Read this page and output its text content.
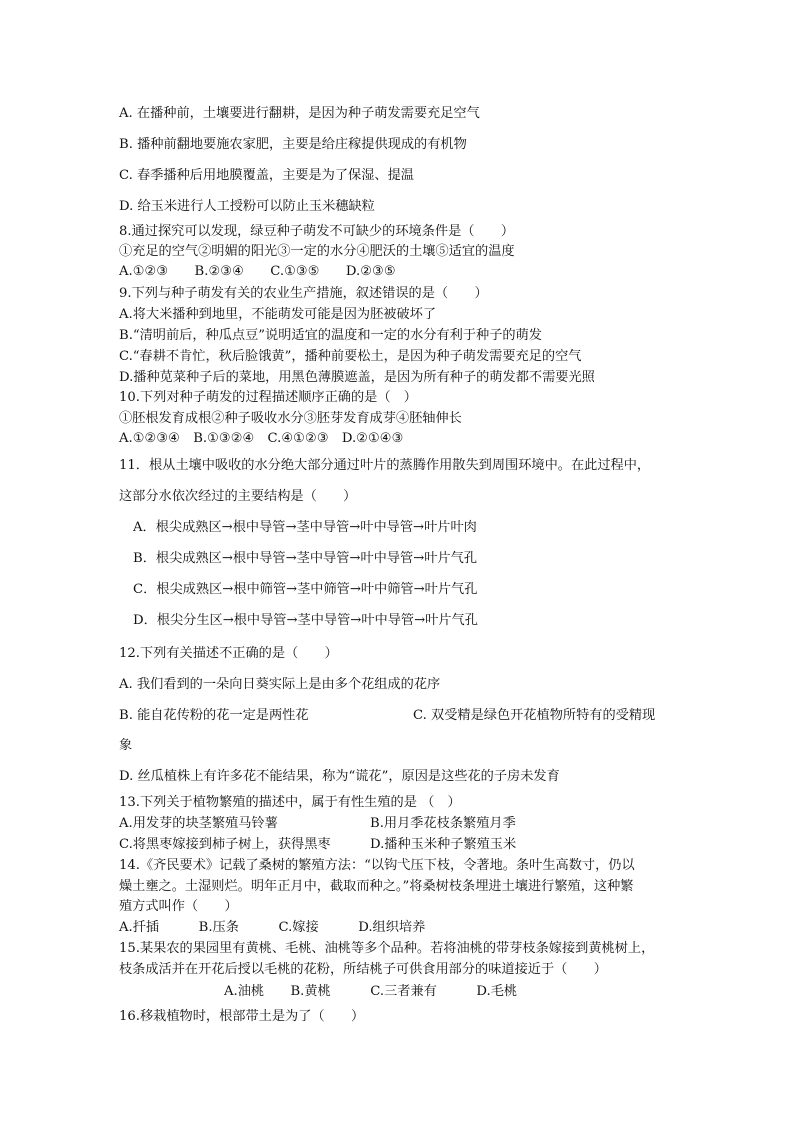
A. 在播种前，土壤要进行翻耕，是因为种子萌发需要充足空气
B. 播种前翻地要施农家肥，主要是给庄稼提供现成的有机物
C. 春季播种后用地膜覆盖，主要是为了保湿、提温
D. 给玉米进行人工授粉可以防止玉米穗缺粒
8.通过探究可以发现，绿豆种子萌发不可缺少的环境条件是（　　）
①充足的空气②明媚的阳光③一定的水分④肥沃的土壤⑤适宜的温度
A.①②③　　B.②③④　　C.①③⑤　　D.②③⑤
9.下列与种子萌发有关的农业生产措施，叙述错误的是（　　）
A.将大米播种到地里，不能萌发可能是因为胚被破坏了
B.“清明前后，种瓜点豆”说明适宜的温度和一定的水分有利于种子的萌发
C.“春耕不肯忙，秋后脸饿黄”，播种前要松土，是因为种子萌发需要充足的空气
D.播种苋菜种子后的菜地，用黑色薄膜遮盖，是因为所有种子的萌发都不需要光照
10.下列对种子萌发的过程描述顺序正确的是（　）
①胚根发育成根②种子吸收水分③胚芽发育成芽④胚轴伸长
A.①②③④　B.①③②④　C.④①②③　D.②①④③
11．根从土壤中吸收的水分绝大部分通过叶片的蒸腾作用散失到周围环境中。在此过程中，
这部分水依次经过的主要结构是（　　）
A．根尖成熟区→根中导管→茎中导管→叶中导管→叶片叶肉
B．根尖成熟区→根中导管→茎中导管→叶中导管→叶片气孔
C．根尖成熟区→根中筛管→茎中筛管→叶中筛管→叶片气孔
D．根尖分生区→根中导管→茎中导管→叶中导管→叶片气孔
12.下列有关描述不正确的是（　　）
A. 我们看到的一朵向日葵实际上是由多个花组成的花序
B. 能自花传粉的花一定是两性花	C. 双受精是绿色开花植物所特有的受精现
象
D. 丝瓜植株上有许多花不能结果，称为“谎花”，原因是这些花的子房未发育
13.下列关于植物繁殖的描述中，属于有性生殖的是 （　）
A.用发芽的块茎繁殖马铃薯	B.用月季花枝条繁殖月季
C.将黑枣嫁接到柿子树上，获得黑枣	D.播种玉米种子繁殖玉米
14.《齐民要术》记载了桑树的繁殖方法：“以钩弋压下枝，令著地。条叶生高数寸，仍以
燥土壅之。土湿则烂。明年正月中，截取而种之。”将桑树枝条埋进土壤进行繁殖，这种繁
殖方式叫作（　　）
A.扦插　　　B.压条　　　C.嫁接　　　D.组织培养
15.某果农的果园里有黄桃、毛桃、油桃等多个品种。若将油桃的带芽枝条嫁接到黄桃树上，
枝条成活并在开花后授以毛桃的花粉，所结桃子可供食用部分的味道接近于（　　）
A.油桃　　B.黄桃　　　C.三者兼有　　　D.毛桃
16.移栽植物时，根部带土是为了（　　）
